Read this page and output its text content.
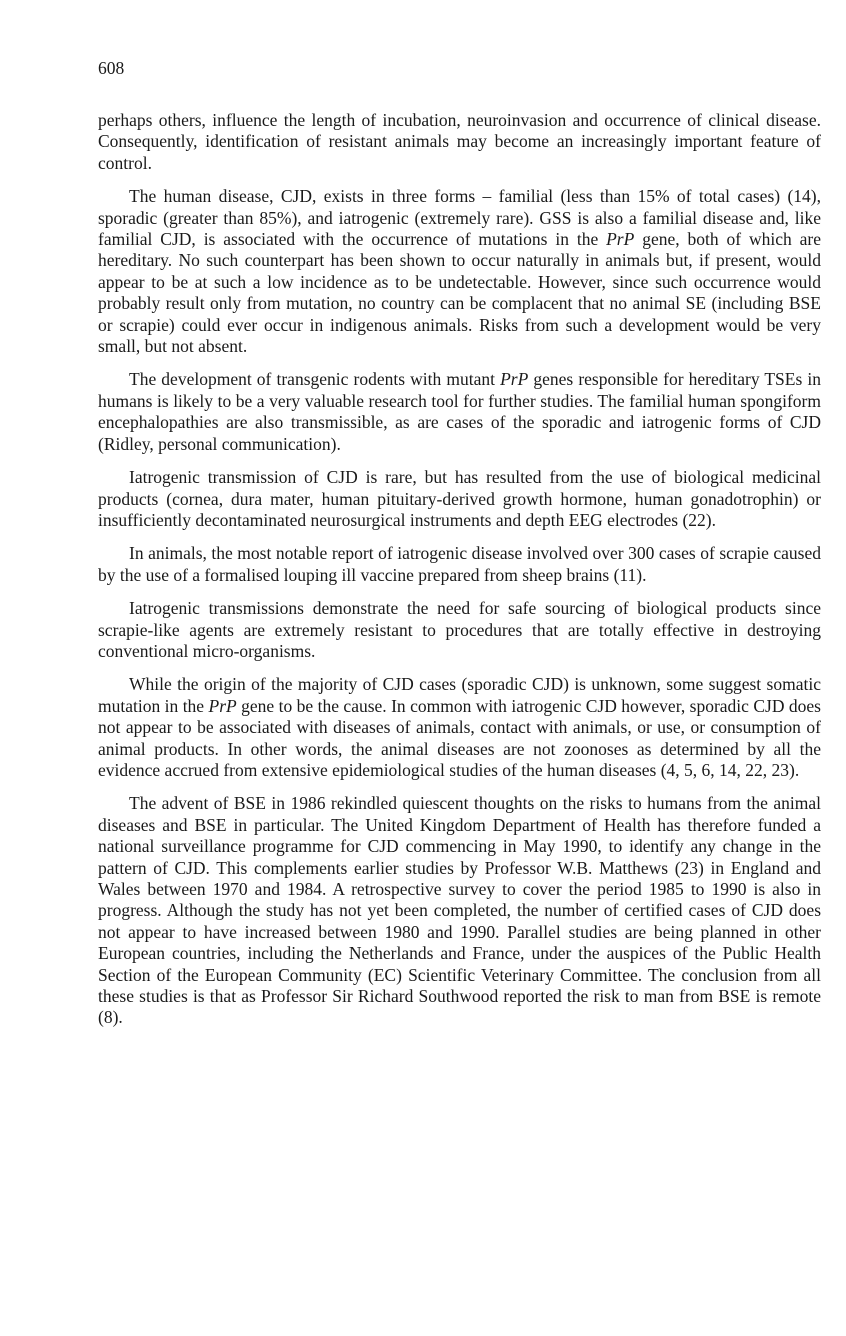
608

perhaps others, influence the length of incubation, neuroinvasion and occurrence of clinical disease. Consequently, identification of resistant animals may become an increasingly important feature of control.

The human disease, CJD, exists in three forms – familial (less than 15% of total cases) (14), sporadic (greater than 85%), and iatrogenic (extremely rare). GSS is also a familial disease and, like familial CJD, is associated with the occurrence of mutations in the PrP gene, both of which are hereditary. No such counterpart has been shown to occur naturally in animals but, if present, would appear to be at such a low incidence as to be undetectable. However, since such occurrence would probably result only from mutation, no country can be complacent that no animal SE (including BSE or scrapie) could ever occur in indigenous animals. Risks from such a development would be very small, but not absent.

The development of transgenic rodents with mutant PrP genes responsible for hereditary TSEs in humans is likely to be a very valuable research tool for further studies. The familial human spongiform encephalopathies are also transmissible, as are cases of the sporadic and iatrogenic forms of CJD (Ridley, personal communication).

Iatrogenic transmission of CJD is rare, but has resulted from the use of biological medicinal products (cornea, dura mater, human pituitary-derived growth hormone, human gonadotrophin) or insufficiently decontaminated neurosurgical instruments and depth EEG electrodes (22).

In animals, the most notable report of iatrogenic disease involved over 300 cases of scrapie caused by the use of a formalised louping ill vaccine prepared from sheep brains (11).

Iatrogenic transmissions demonstrate the need for safe sourcing of biological products since scrapie-like agents are extremely resistant to procedures that are totally effective in destroying conventional micro-organisms.

While the origin of the majority of CJD cases (sporadic CJD) is unknown, some suggest somatic mutation in the PrP gene to be the cause. In common with iatrogenic CJD however, sporadic CJD does not appear to be associated with diseases of animals, contact with animals, or use, or consumption of animal products. In other words, the animal diseases are not zoonoses as determined by all the evidence accrued from extensive epidemiological studies of the human diseases (4, 5, 6, 14, 22, 23).

The advent of BSE in 1986 rekindled quiescent thoughts on the risks to humans from the animal diseases and BSE in particular. The United Kingdom Department of Health has therefore funded a national surveillance programme for CJD commencing in May 1990, to identify any change in the pattern of CJD. This complements earlier studies by Professor W.B. Matthews (23) in England and Wales between 1970 and 1984. A retrospective survey to cover the period 1985 to 1990 is also in progress. Although the study has not yet been completed, the number of certified cases of CJD does not appear to have increased between 1980 and 1990. Parallel studies are being planned in other European countries, including the Netherlands and France, under the auspices of the Public Health Section of the European Community (EC) Scientific Veterinary Committee. The conclusion from all these studies is that as Professor Sir Richard Southwood reported the risk to man from BSE is remote (8).
